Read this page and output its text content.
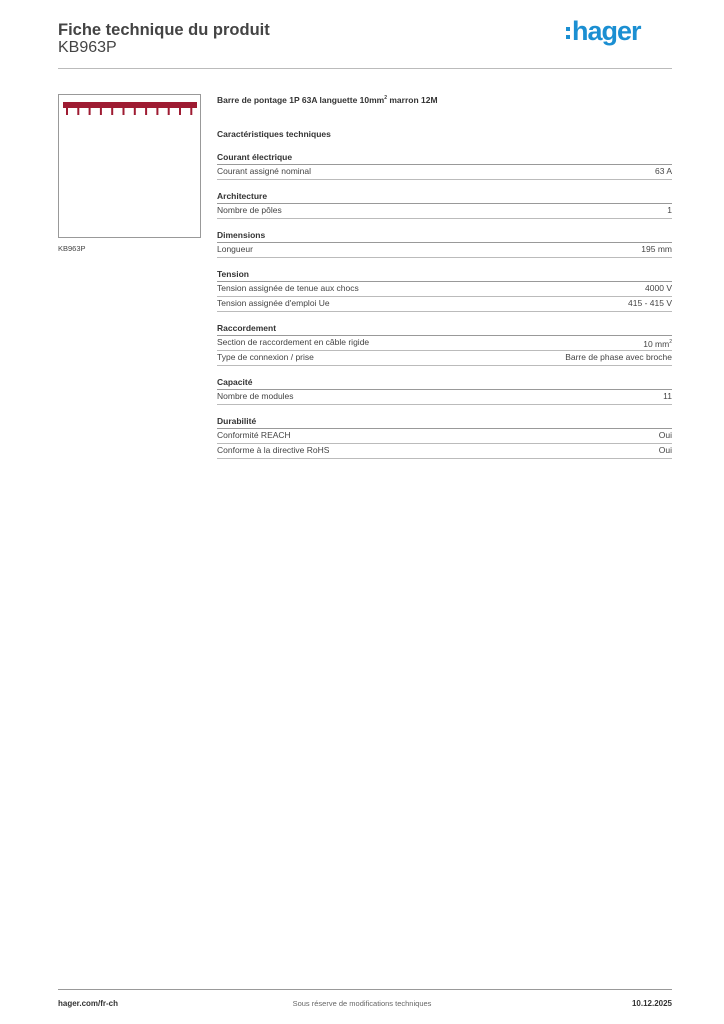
Fiche technique du produit
KB963P
hager
KB963P
Barre de pontage 1P 63A languette $10mm^2$ marron 12M
Caractéristiques techniques
Courant électrique
Courant assigné nominal	63 A
Architecture
Nombre de pôles	1
Dimensions
Longueur	195 mm
Tension
Tension assignée de tenue aux chocs	4000 V
Tension assignée d'emploi Ue	415 - 415 V
Raccordement
Section de raccordement en câble rigide	10 $mm^2$
Type de connexion / prise	Barre de phase avec broche
Capacité
Nombre de modules	11
Durabilité
Conformité REACH	Oui
Conforme à la directive RoHS	Oui
Sous réserve de modifications techniques
hager.com/fr-ch	10.12.2025
